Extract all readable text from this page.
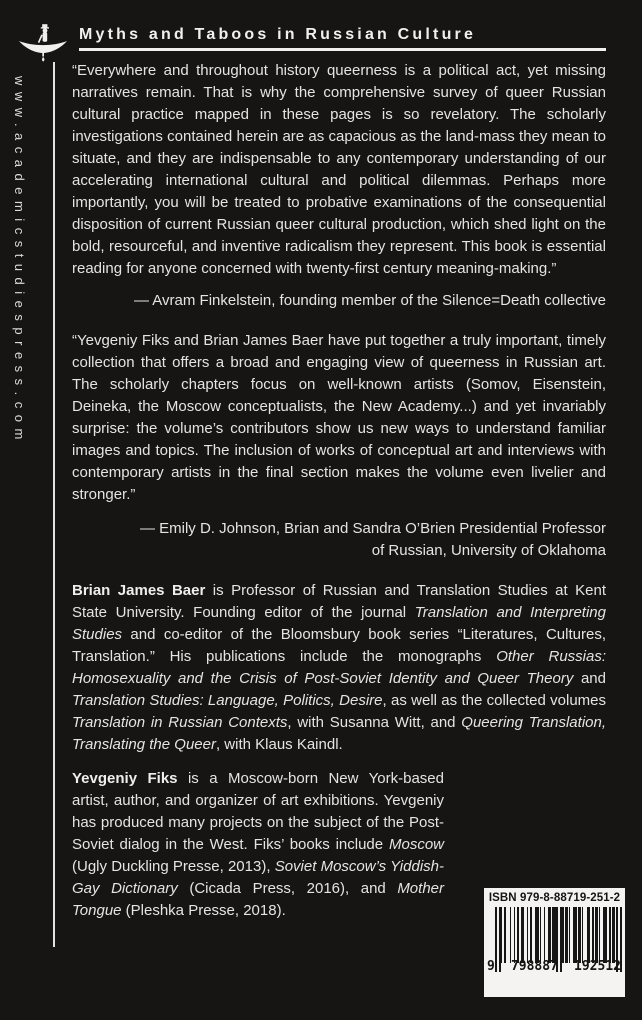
Myths and Taboos in Russian Culture
www.academicstudiespress.com
“Everywhere and throughout history queerness is a political act, yet missing narratives remain. That is why the comprehensive survey of queer Russian cultural practice mapped in these pages is so revelatory. The scholarly investigations contained herein are as capacious as the land-mass they mean to situate, and they are indispensable to any contemporary understanding of our accelerating international cultural and political dilemmas. Perhaps more importantly, you will be treated to probative examinations of the consequential disposition of current Russian queer cultural production, which shed light on the bold, resourceful, and inventive radicalism they represent. This book is essential reading for anyone concerned with twenty-first century meaning-making.”
— Avram Finkelstein, founding member of the Silence=Death collective
“Yevgeniy Fiks and Brian James Baer have put together a truly important, timely collection that offers a broad and engaging view of queerness in Russian art. The scholarly chapters focus on well-known artists (Somov, Eisenstein, Deineka, the Moscow conceptualists, the New Academy...) and yet invariably surprise: the volume’s contributors show us new ways to understand familiar images and topics. The inclusion of works of conceptual art and interviews with contemporary artists in the final section makes the volume even livelier and stronger.”
— Emily D. Johnson, Brian and Sandra O’Brien Presidential Professor
of Russian, University of Oklahoma
Brian James Baer is Professor of Russian and Translation Studies at Kent State University. Founding editor of the journal Translation and Interpreting Studies and co-editor of the Bloomsbury book series “Literatures, Cultures, Translation.” His publications include the monographs Other Russias: Homosexuality and the Crisis of Post-Soviet Identity and Queer Theory and Translation Studies: Language, Politics, Desire, as well as the collected volumes Translation in Russian Contexts, with Susanna Witt, and Queering Translation, Translating the Queer, with Klaus Kaindl.
Yevgeniy Fiks is a Moscow-born New York-based artist, author, and organizer of art exhibitions. Yevgeniy has produced many projects on the subject of the Post-Soviet dialog in the West. Fiks’ books include Moscow (Ugly Duckling Presse, 2013), Soviet Moscow’s Yiddish-Gay Dictionary (Cicada Press, 2016), and Mother Tongue (Pleshka Presse, 2018).
ISBN 979-8-88719-251-2
9 798887 192512
